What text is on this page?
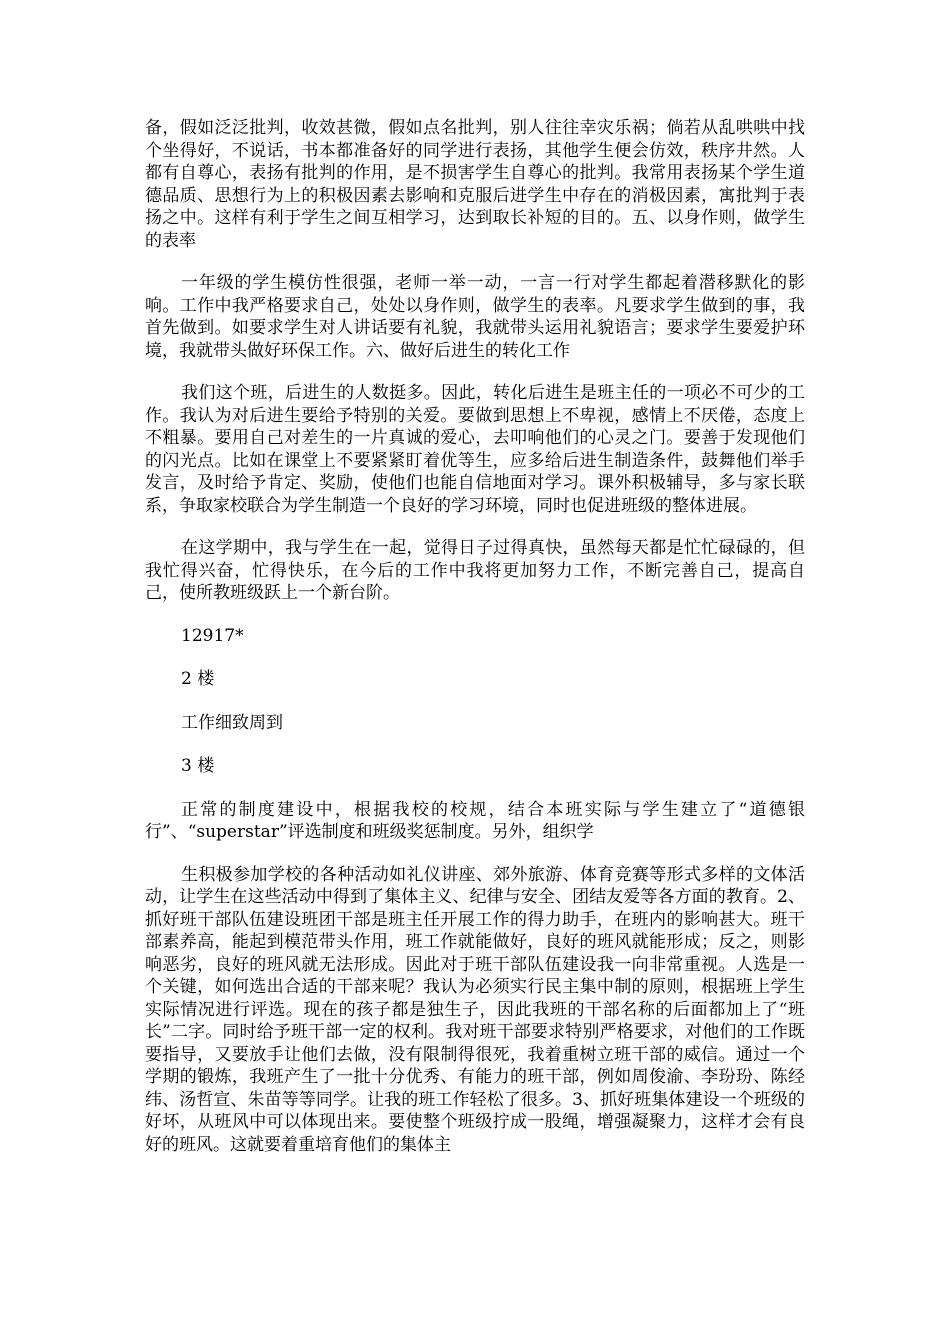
备，假如泛泛批判，收效甚微，假如点名批判，别人往往幸灾乐祸；倘若从乱哄哄中找个坐得好，不说话，书本都准备好的同学进行表扬，其他学生便会仿效，秩序井然。人都有自尊心，表扬有批判的作用，是不损害学生自尊心的批判。我常用表扬某个学生道德品质、思想行为上的积极因素去影响和克服后进学生中存在的消极因素，寓批判于表扬之中。这样有利于学生之间互相学习，达到取长补短的目的。五、以身作则，做学生的表率

一年级的学生模仿性很强，老师一举一动，一言一行对学生都起着潜移默化的影响。工作中我严格要求自己，处处以身作则，做学生的表率。凡要求学生做到的事，我首先做到。如要求学生对人讲话要有礼貌，我就带头运用礼貌语言；要求学生要爱护环境，我就带头做好环保工作。六、做好后进生的转化工作

我们这个班，后进生的人数挺多。因此，转化后进生是班主任的一项必不可少的工作。我认为对后进生要给予特别的关爱。要做到思想上不卑视，感情上不厌倦，态度上不粗暴。要用自己对差生的一片真诚的爱心，去叩响他们的心灵之门。要善于发现他们的闪光点。比如在课堂上不要紧紧盯着优等生，应多给后进生制造条件，鼓舞他们举手发言，及时给予肯定、奖励，使他们也能自信地面对学习。课外积极辅导，多与家长联系，争取家校联合为学生制造一个良好的学习环境，同时也促进班级的整体进展。

在这学期中，我与学生在一起，觉得日子过得真快，虽然每天都是忙忙碌碌的，但我忙得兴奋，忙得快乐，在今后的工作中我将更加努力工作，不断完善自己，提高自己，使所教班级跃上一个新台阶。

12917*

2 楼

工作细致周到

3 楼

正常的制度建设中，根据我校的校规，结合本班实际与学生建立了“道德银行”、“superstar”评选制度和班级奖惩制度。另外，组织学

生积极参加学校的各种活动如礼仪讲座、郊外旅游、体育竞赛等形式多样的文体活动，让学生在这些活动中得到了集体主义、纪律与安全、团结友爱等各方面的教育。2、抓好班干部队伍建设班团干部是班主任开展工作的得力助手，在班内的影响甚大。班干部素养高，能起到模范带头作用，班工作就能做好，良好的班风就能形成；反之，则影响恶劣，良好的班风就无法形成。因此对于班干部队伍建设我一向非常重视。人选是一个关键，如何选出合适的干部来呢？我认为必须实行民主集中制的原则，根据班上学生实际情况进行评选。现在的孩子都是独生子，因此我班的干部名称的后面都加上了“班长”二字。同时给予班干部一定的权利。我对班干部要求特别严格要求，对他们的工作既要指导，又要放手让他们去做，没有限制得很死，我着重树立班干部的威信。通过一个学期的锻炼，我班产生了一批十分优秀、有能力的班干部，例如周俊渝、李玢玢、陈经纬、汤哲宣、朱苗等等同学。让我的班工作轻松了很多。3、抓好班集体建设一个班级的好坏，从班风中可以体现出来。要使整个班级拧成一股绳，增强凝聚力，这样才会有良好的班风。这就要着重培育他们的集体主
